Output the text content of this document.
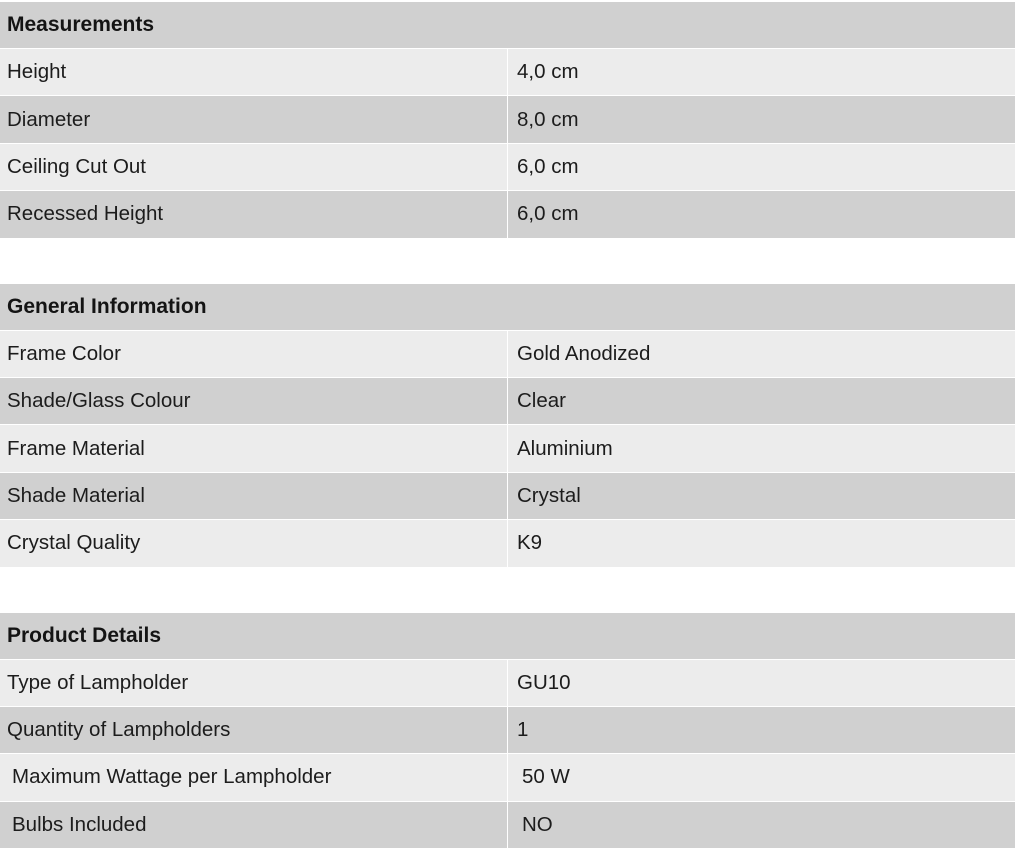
Measurements
Height	4,0 cm
Diameter	8,0 cm
Ceiling Cut Out	6,0 cm
Recessed Height	6,0 cm
General Information
Frame Color	Gold Anodized
Shade/Glass Colour	Clear
Frame Material	Aluminium
Shade Material	Crystal
Crystal Quality	K9
Product Details
Type of Lampholder	GU10
Quantity of Lampholders	1
Maximum Wattage per Lampholder	50 W
Bulbs Included	NO
